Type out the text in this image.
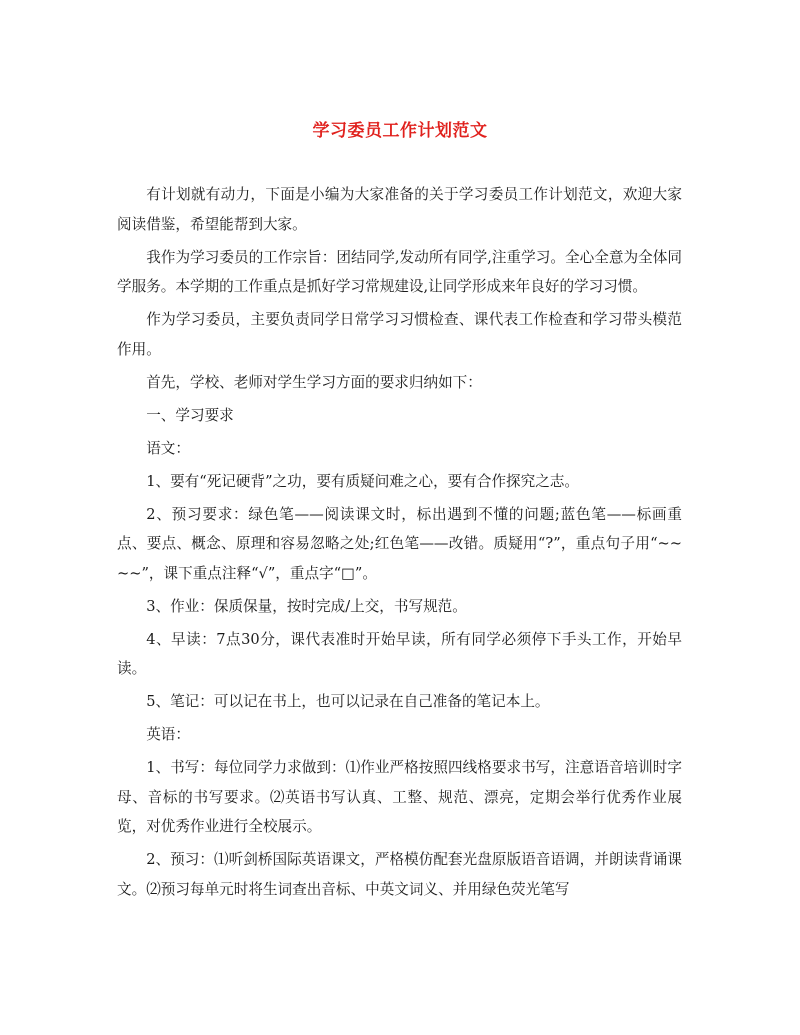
学习委员工作计划范文

有计划就有动力，下面是小编为大家准备的关于学习委员工作计划范文，欢迎大家阅读借鉴，希望能帮到大家。

我作为学习委员的工作宗旨：团结同学,发动所有同学,注重学习。全心全意为全体同学服务。本学期的工作重点是抓好学习常规建设,让同学形成来年良好的学习习惯。

作为学习委员，主要负责同学日常学习习惯检查、课代表工作检查和学习带头模范作用。

首先，学校、老师对学生学习方面的要求归纳如下：

一、学习要求

语文：

1、要有“死记硬背”之功，要有质疑问难之心，要有合作探究之志。

2、预习要求：绿色笔——阅读课文时，标出遇到不懂的问题;蓝色笔——标画重点、要点、概念、原理和容易忽略之处;红色笔——改错。质疑用“?”，重点句子用“~~~~”，课下重点注释“√”，重点字“□”。

3、作业：保质保量，按时完成/上交，书写规范。

4、早读：7点30分，课代表准时开始早读，所有同学必须停下手头工作，开始早读。

5、笔记：可以记在书上，也可以记录在自己准备的笔记本上。

英语：

1、书写：每位同学力求做到：⑴作业严格按照四线格要求书写，注意语音培训时字母、音标的书写要求。⑵英语书写认真、工整、规范、漂亮，定期会举行优秀作业展览，对优秀作业进行全校展示。

2、预习：⑴听剑桥国际英语课文，严格模仿配套光盘原版语音语调，并朗读背诵课文。⑵预习每单元时将生词查出音标、中英文词义、并用绿色荧光笔写
